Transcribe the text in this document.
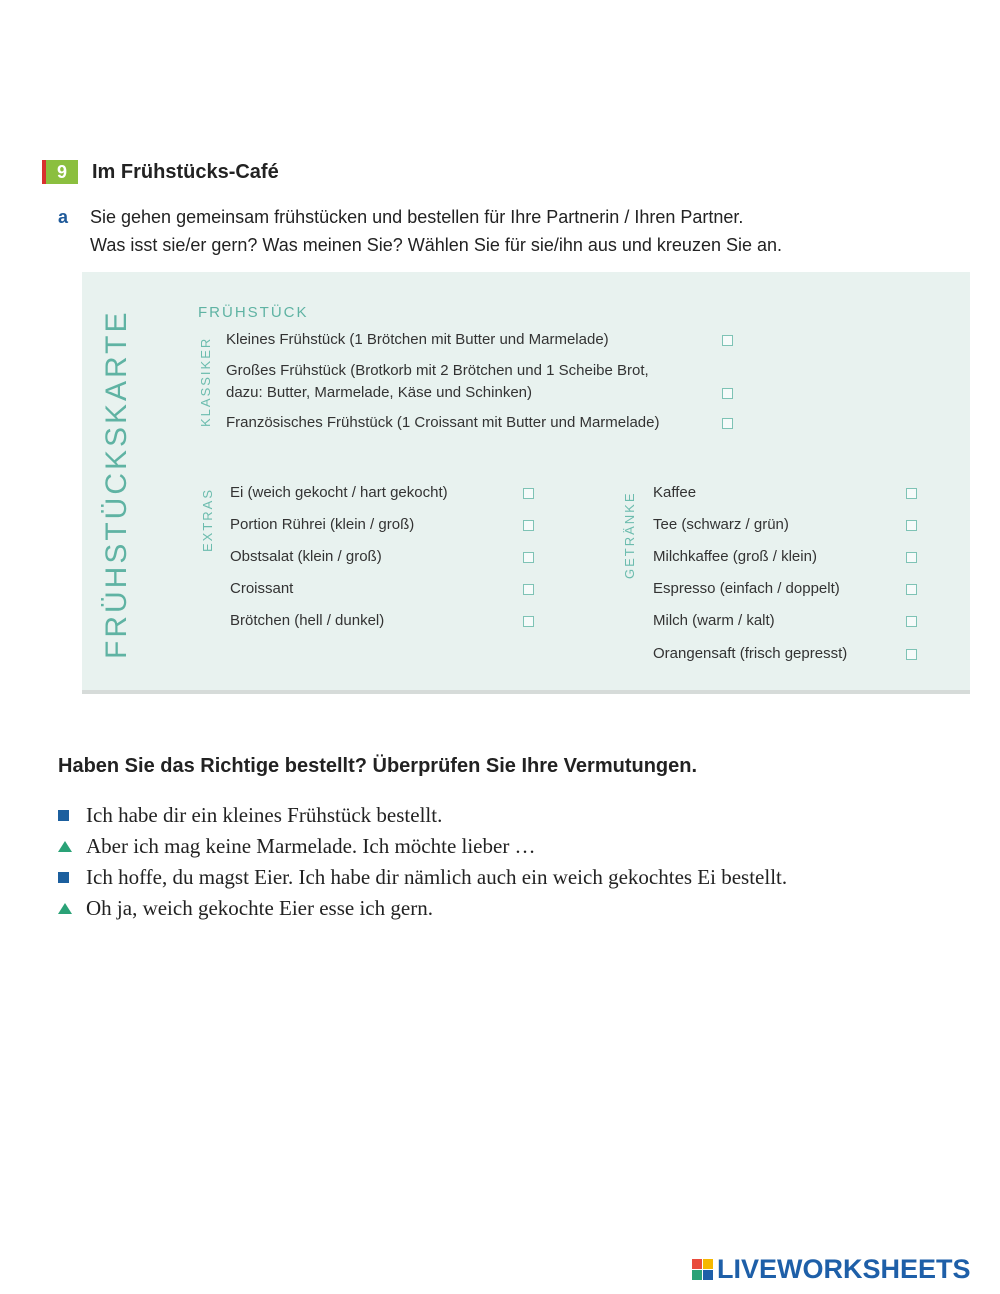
9	Im Frühstücks-Café
a Sie gehen gemeinsam frühstücken und bestellen für Ihre Partnerin / Ihren Partner.
Was isst sie/er gern? Was meinen Sie? Wählen Sie für sie/ihn aus und kreuzen Sie an.
FRÜHSTÜCKSKARTE	FRÜHSTÜCK
KLASSIKER Kleines Frühstück (1 Brötchen mit Butter und Marmelade)
Großes Frühstück (Brotkorb mit 2 Brötchen und 1 Scheibe Brot,
dazu: Butter, Marmelade, Käse und Schinken)
Französisches Frühstück (1 Croissant mit Butter und Marmelade)
EXTRAS Ei (weich gekocht / hart gekocht)
Portion Rührei (klein / groß)
Obstsalat (klein / groß)
Croissant
Brötchen (hell / dunkel)
GETRÄNKE Kaffee
Tee (schwarz / grün)
Milchkaffee (groß / klein)
Espresso (einfach / doppelt)
Milch (warm / kalt)
Orangensaft (frisch gepresst)
Haben Sie das Richtige bestellt? Überprüfen Sie Ihre Vermutungen.
Ich habe dir ein kleines Frühstück bestellt.
Aber ich mag keine Marmelade. Ich möchte lieber …
Ich hoffe, du magst Eier. Ich habe dir nämlich auch ein weich gekochtes Ei bestellt.
Oh ja, weich gekochte Eier esse ich gern.
LIVEWORKSHEETS
